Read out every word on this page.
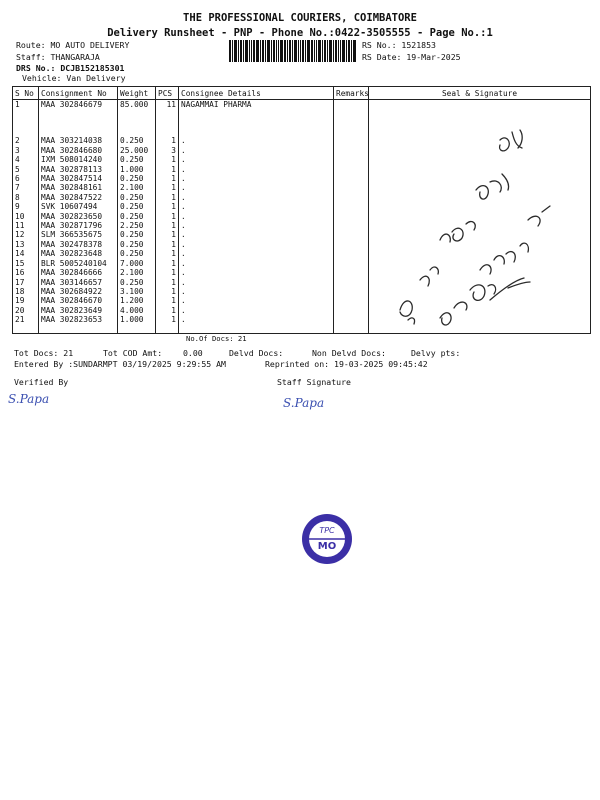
THE PROFESSIONAL COURIERS, COIMBATORE
Delivery Runsheet - PNP - Phone No.:0422-3505555 - Page No.:1
Route: MO AUTO DELIVERY
Staff: THANGARAJA
DRS No.: DCJB152185301
Vehicle: Van Delivery
RS No.: 1521853
RS Date: 19-Mar-2025
S No	Consignment No	Weight	PCS	Consignee Details	Remarks	Seal & Signature
1	MAA 302846679	85.000	11	NAGAMMAI PHARMA		
2	MAA 303214038	0.250	1	.		
3	MAA 302846680	25.000	3	.		
4	IXM 508014240	0.250	1	.		
5	MAA 302878113	1.000	1	.		
6	MAA 302847514	0.250	1	.		
7	MAA 302848161	2.100	1	.		
8	MAA 302847522	0.250	1	.		
9	SVK 10607494	0.250	1	.		
10	MAA 302823650	0.250	1	.		
11	MAA 302871796	2.250	1	.		
12	SLM 366535675	0.250	1	.		
13	MAA 302478378	0.250	1	.		
14	MAA 302823648	0.250	1	.		
15	BLR 5005240104	7.000	1	.		
16	MAA 302846666	2.100	1	.		
17	MAA 303146657	0.250	1	.		
18	MAA 302684922	3.100	1	.		
19	MAA 302846670	1.200	1	.		
20	MAA 302823649	4.000	1	.		
21	MAA 302823653	1.000	1	.		
No.Of Docs: 21
Tot Docs: 21	Tot COD Amt:	0.00	Delvd Docs:	Non Delvd Docs:	Delvy pts:
Entered By :SUNDARMPT 03/19/2025 9:29:55 AM	Reprinted on: 19-03-2025 09:45:42
Verified By	Staff Signature
S.Papa	S.Papa
TPC
MO
